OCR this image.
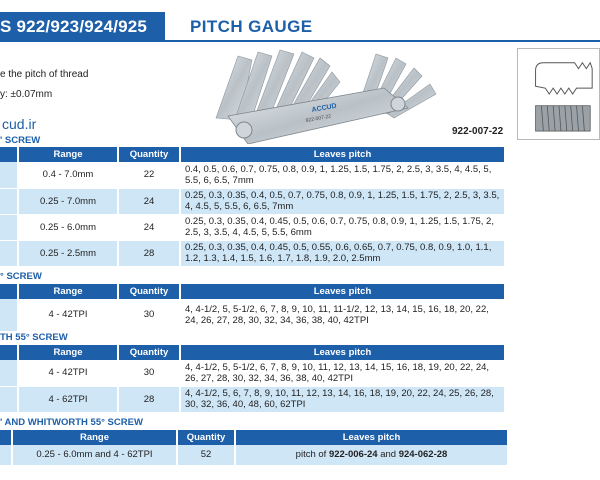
S 922/923/924/925	PITCH GAUGE
e the pitch of thread
y: ±0.07mm
cud.ir
ACCUD
922-007-22
922-007-22
' SCREW
	Range	Quantity	Leaves pitch
	0.4 - 7.0mm	22	0.4, 0.5, 0.6, 0.7, 0.75, 0.8, 0.9, 1, 1.25, 1.5, 1.75, 2, 2.5, 3, 3.5, 4, 4.5, 5, 5.5, 6, 6.5, 7mm
	0.25 - 7.0mm	24	0.25, 0.3, 0.35, 0.4, 0.5, 0.7, 0.75, 0.8, 0.9, 1, 1.25, 1.5, 1.75, 2, 2.5, 3, 3.5, 4, 4.5, 5, 5.5, 6, 6.5, 7mm
	0.25 - 6.0mm	24	0.25, 0.3, 0.35, 0.4, 0.45, 0.5, 0.6, 0.7, 0.75, 0.8, 0.9, 1, 1.25, 1.5, 1.75, 2, 2.5, 3, 3.5, 4, 4.5, 5, 5.5, 6mm
	0.25 - 2.5mm	28	0.25, 0.3, 0.35, 0.4, 0.45, 0.5, 0.55, 0.6, 0.65, 0.7, 0.75, 0.8, 0.9, 1.0, 1.1, 1.2, 1.3, 1.4, 1.5, 1.6, 1.7, 1.8, 1.9, 2.0, 2.5mm
° SCREW
	Range	Quantity	Leaves pitch
	4 - 42TPI	30	4, 4-1/2, 5, 5-1/2, 6, 7, 8, 9, 10, 11, 11-1/2, 12, 13, 14, 15, 16, 18, 20, 22, 24, 26, 27, 28, 30, 32, 34, 36, 38, 40, 42TPI
TH 55° SCREW
	Range	Quantity	Leaves pitch
	4 - 42TPI	30	4, 4-1/2, 5, 5-1/2, 6, 7, 8, 9, 10, 11, 12, 13, 14, 15, 16, 18, 19, 20, 22, 24, 26, 27, 28, 30, 32, 34, 36, 38, 40, 42TPI
	4 - 62TPI	28	4, 4-1/2, 5, 6, 7, 8, 9, 10, 11, 12, 13, 14, 16, 18, 19, 20, 22, 24, 25, 26, 28, 30, 32, 36, 40, 48, 60, 62TPI
' AND WHITWORTH 55° SCREW
	Range	Quantity	Leaves pitch
	0.25 - 6.0mm and 4 - 62TPI	52	pitch of 922-006-24 and 924-062-28
